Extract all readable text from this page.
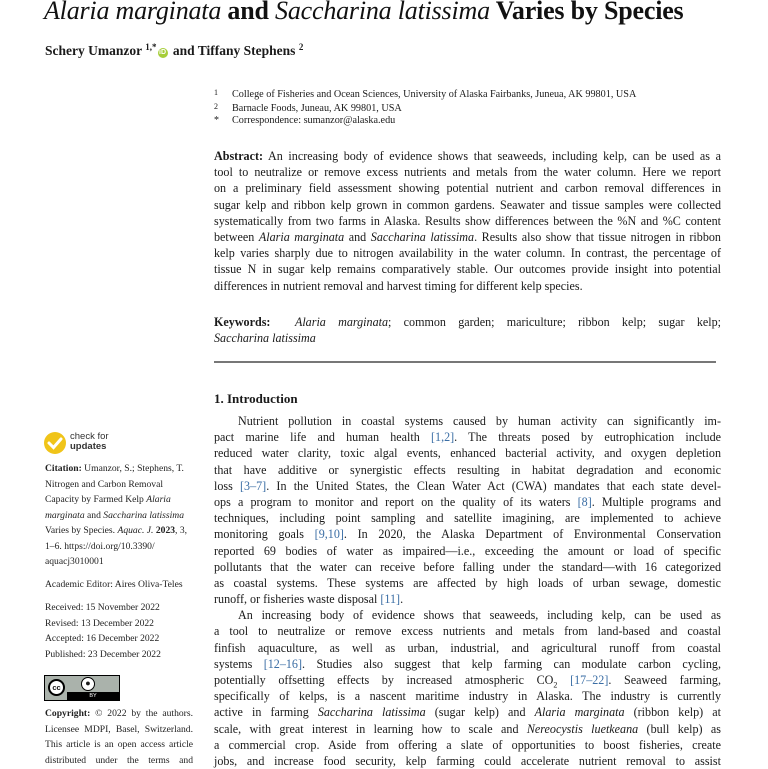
Alaria marginata and Saccharina latissima Varies by Species
Schery Umanzor $^{1,*}$iD and Tiffany Stephens $^2$
1 College of Fisheries and Ocean Sciences, University of Alaska Fairbanks, Juneua, AK 99801, USA
2 Barnacle Foods, Juneau, AK 99801, USA
* Correspondence: sumanzor@alaska.edu
Abstract: An increasing body of evidence shows that seaweeds, including kelp, can be used as a
tool to neutralize or remove excess nutrients and metals from the water column. Here we report
on a preliminary field assessment showing potential nutrient and carbon removal differences in
sugar kelp and ribbon kelp grown in common gardens. Seawater and tissue samples were collected
systematically from two farms in Alaska. Results show differences between the %N and %C content
between Alaria marginata and Saccharina latissima. Results also show that tissue nitrogen in ribbon
kelp varies sharply due to nitrogen availability in the water column. In contrast, the percentage of
tissue N in sugar kelp remains comparatively stable. Our outcomes provide insight into potential
differences in nutrient removal and harvest timing for different kelp species.
Keywords: Alaria marginata; common garden; mariculture; ribbon kelp; sugar kelp;
Saccharina latissima
1. Introduction
Nutrient pollution in coastal systems caused by human activity can significantly im-
pact marine life and human health [1,2]. The threats posed by eutrophication include
reduced water clarity, toxic algal events, enhanced bacterial activity, and oxygen depletion
that have additive or synergistic effects resulting in habitat degradation and economic
loss [3–7]. In the United States, the Clean Water Act (CWA) mandates that each state devel-
ops a program to monitor and report on the quality of its waters [8]. Multiple programs and
techniques, including point sampling and satellite imagining, are implemented to achieve
monitoring goals [9,10]. In 2020, the Alaska Department of Environmental Conservation
reported 69 bodies of water as impaired—i.e., exceeding the amount or load of specific
pollutants that the water can receive before falling under the standard—with 16 categorized
as coastal systems. These systems are affected by high loads of urban sewage, domestic
runoff, or fisheries waste disposal [11].
An increasing body of evidence shows that seaweeds, including kelp, can be used as
a tool to neutralize or remove excess nutrients and metals from land-based and coastal
finfish aquaculture, as well as urban, industrial, and agricultural runoff from coastal
systems [12–16]. Studies also suggest that kelp farming can modulate carbon cycling,
potentially offsetting effects by increased atmospheric $CO_2$ [17–22]. Seaweed farming,
specifically of kelps, is a nascent maritime industry in Alaska. The industry is currently
active in farming Saccharina latissima (sugar kelp) and Alaria marginata (ribbon kelp) at
scale, with great interest in learning how to scale and Nereocystis luetkeana (bull kelp) as
a commercial crop. Aside from offering a slate of opportunities to boost fisheries, create
jobs, and increase food security, kelp farming could accelerate nutrient removal to assist
check for
updates
Citation: Umanzor, S.; Stephens, T.
Nitrogen and Carbon Removal
Capacity by Farmed Kelp Alaria
marginata and Saccharina latissima
Varies by Species. Aquac. J. 2023, 3,
1–6. https://doi.org/10.3390/
aquacj3010001
Academic Editor: Aires Oliva-Teles
Received: 15 November 2022
Revised: 13 December 2022
Accepted: 16 December 2022
Published: 23 December 2022
cc	●
BY
Copyright: © 2022 by the authors.
Licensee MDPI, Basel, Switzerland.
This article is an open access article
distributed under the terms and
